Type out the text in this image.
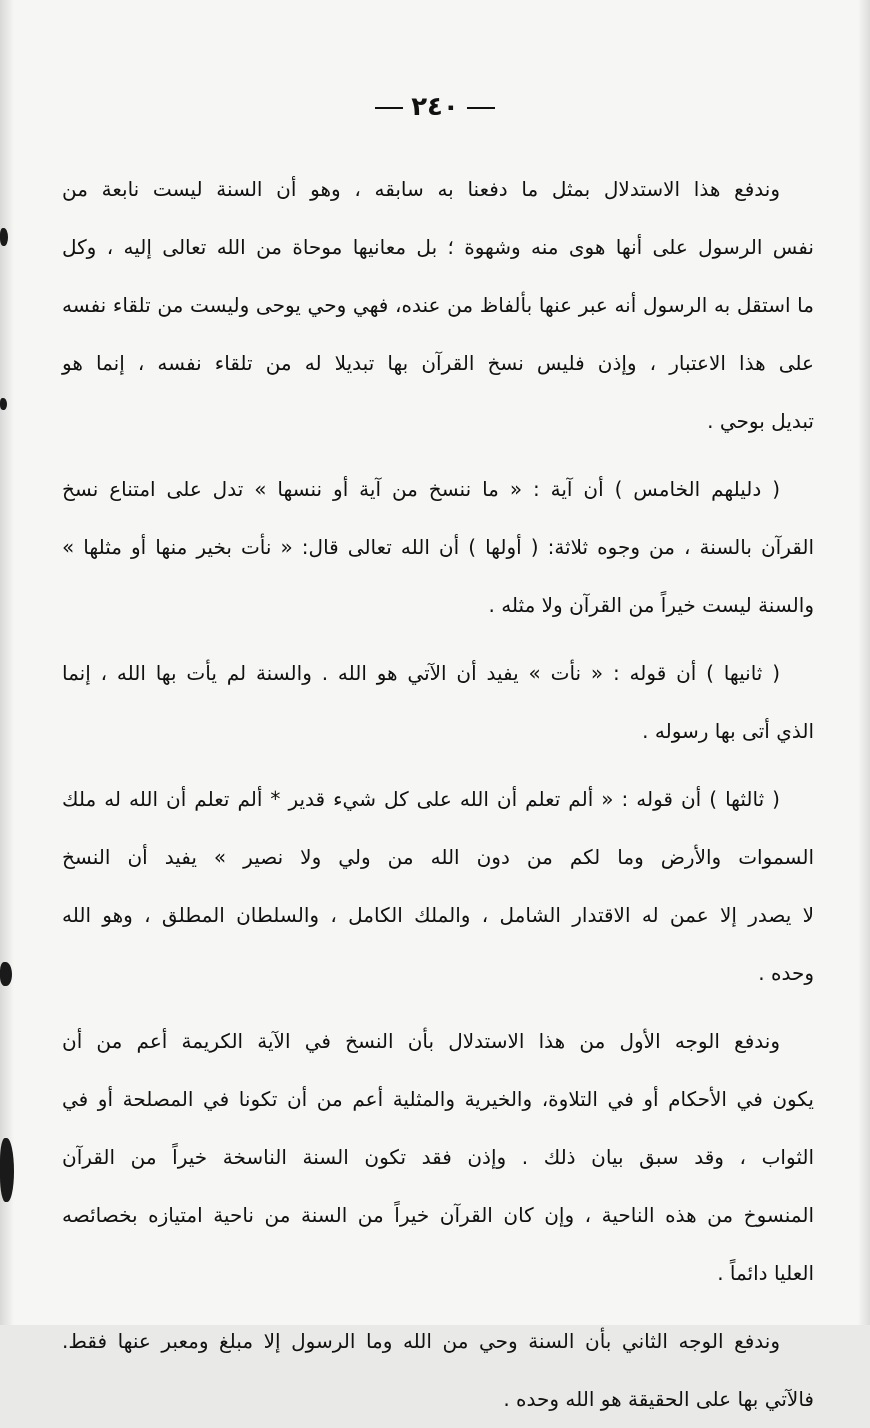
٢٤٠
وندفع هذا الاستدلال بمثل ما دفعنا به سابقه ، وهو أن السنة ليست نابعة من
نفس الرسول على أنها هوى منه وشهوة ؛ بل معانيها موحاة من الله تعالى إليه ، وكل
ما استقل به الرسول أنه عبر عنها بألفاظ من عنده، فهي وحي يوحى وليست من تلقاء نفسه
على هذا الاعتبار ، وإذن فليس نسخ القرآن بها تبديلا له من تلقاء نفسه ، إنما هو
تبديل بوحي .
( دليلهم الخامس ) أن آية : « ما ننسخ من آية أو ننسها » تدل على امتناع نسخ
القرآن بالسنة ، من وجوه ثلاثة: ( أولها ) أن الله تعالى قال: « نأت بخير منها أو مثلها »
والسنة ليست خيراً من القرآن ولا مثله .
( ثانيها ) أن قوله : « نأت » يفيد أن الآتي هو الله . والسنة لم يأت بها الله ، إنما
الذي أتى بها رسوله .
( ثالثها ) أن قوله : « ألم تعلم أن الله على كل شيء قدير * ألم تعلم أن الله له ملك
السموات والأرض وما لكم من دون الله من ولي ولا نصير » يفيد أن النسخ
لا يصدر إلا عمن له الاقتدار الشامل ، والملك الكامل ، والسلطان المطلق ، وهو الله
وحده .
وندفع الوجه الأول من هذا الاستدلال بأن النسخ في الآية الكريمة أعم من أن
يكون في الأحكام أو في التلاوة، والخيرية والمثلية أعم من أن تكونا في المصلحة أو في
الثواب ، وقد سبق بيان ذلك . وإذن فقد تكون السنة الناسخة خيراً من القرآن
المنسوخ من هذه الناحية ، وإن كان القرآن خيراً من السنة من ناحية امتيازه بخصائصه
العليا دائماً .
وندفع الوجه الثاني بأن السنة وحي من الله وما الرسول إلا مبلغ ومعبر عنها فقط.
فالآتي بها على الحقيقة هو الله وحده .
